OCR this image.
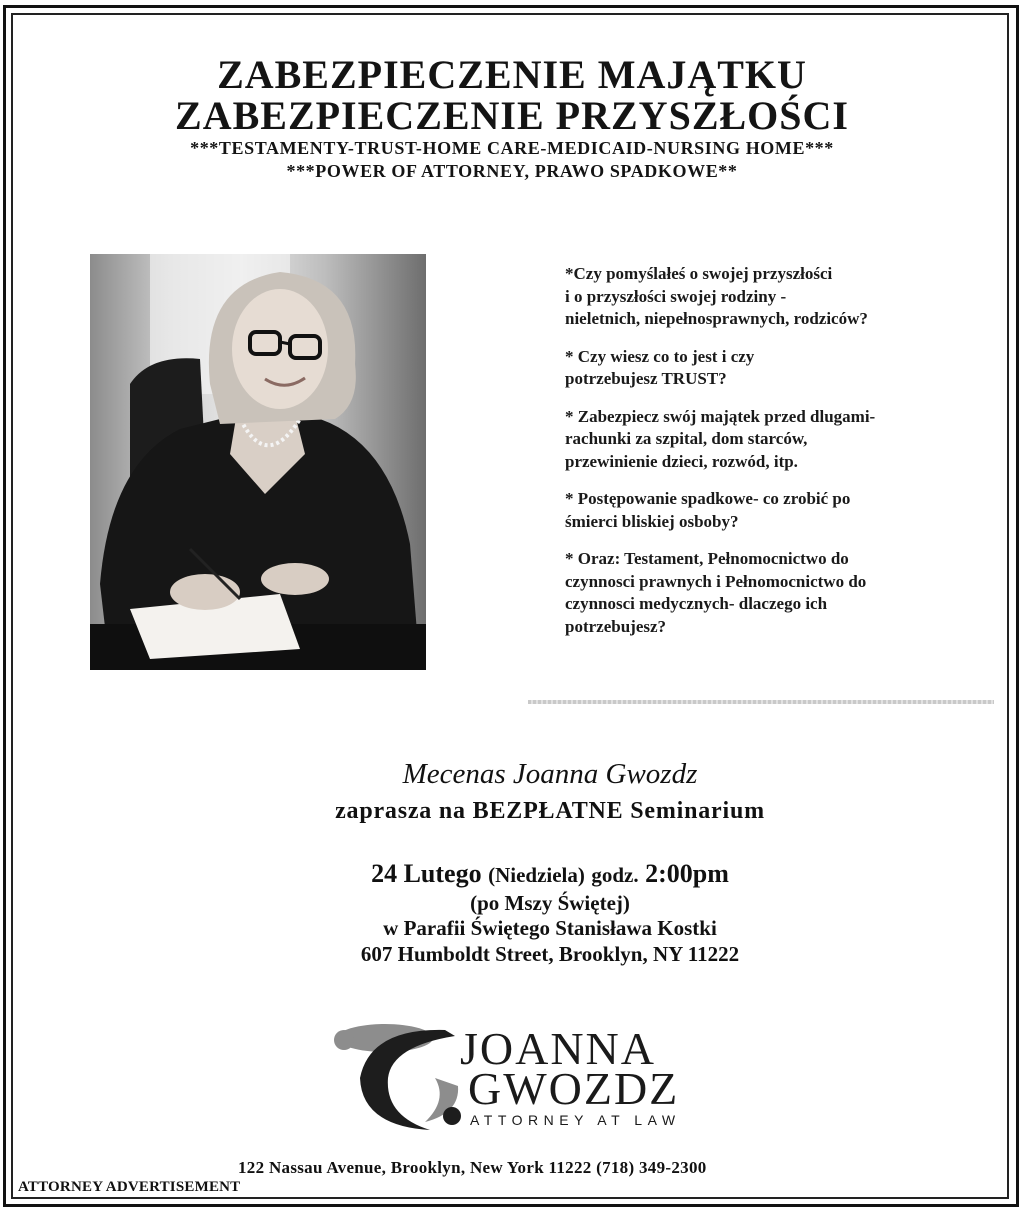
ZABEZPIECZENIE MAJĄTKU
ZABEZPIECZENIE PRZYSZŁOŚCI
***TESTAMENTY-TRUST-HOME CARE-MEDICAID-NURSING HOME***
***POWER OF ATTORNEY, PRAWO SPADKOWE**

*Czy pomyślałeś o swojej przyszłości
i o przyszłości swojej rodziny -
nieletnich, niepełnosprawnych, rodziców?

* Czy wiesz co to jest i czy
potrzebujesz TRUST?

* Zabezpiecz swój majątek przed dlugami-
rachunki za szpital, dom starców,
przewinienie dzieci, rozwód, itp.

* Postępowanie spadkowe- co zrobić po
śmierci bliskiej osboby?

* Oraz: Testament, Pełnomocnictwo do
czynnosci prawnych i Pełnomocnictwo do
czynnosci medycznych- dlaczego ich
potrzebujesz?

Mecenas Joanna Gwozdz
zaprasza na BEZPŁATNE Seminarium
24 Lutego (Niedziela) godz. 2:00pm
(po Mszy Świętej)
w Parafii Świętego Stanisława Kostki
607 Humboldt Street, Brooklyn, NY 11222
JOANNA
GWOZDZ
ATTORNEY AT LAW
122 Nassau Avenue, Brooklyn, New York 11222 (718) 349-2300
ATTORNEY ADVERTISEMENT
